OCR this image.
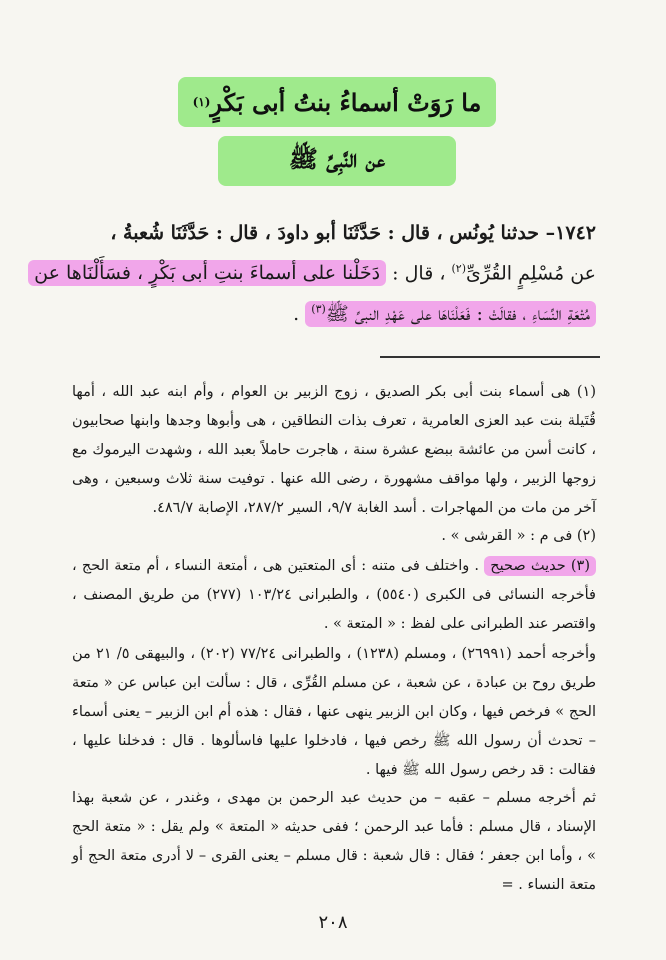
ما رَوَتْ أسماءُ بنتُ أبى بَكْرٍ
(١)
عن النَّبِىِّ ﷺ
١٧٤٢– حدثنا يُونُس ، قال : حَدَّثَنَا أبو داودَ ، قال : حَدَّثَنَا شُعبةُ ،
عن مُسْلِمٍ القُرِّىِّ$^{(٢)}$ ، قال : دَخَلْنا على أسماءَ بنتِ أبى بَكْرٍ ، فسَأَلْنَاها عن
مُتْعَةِ النِّسَاءِ ، فقالَتْ : فَعَلْنَاهَا على عَهْدِ النبىِّ ﷺ$^{(٣)}$ .
(١) هى أسماء بنت أبى بكر الصديق ، زوج الزبير بن العوام ، وأم ابنه عبد الله ، أمها قُتَيلة بنت عبد العزى العامرية ، تعرف بذات النطاقين ، هى وأبوها وجدها وابنها صحابيون ، كانت أسن من عائشة ببضع عشرة سنة ، هاجرت حاملاً بعبد الله ، وشهدت اليرموك مع زوجها الزبير ، ولها مواقف مشهورة ، رضى الله عنها . توفيت سنة ثلاث وسبعين ، وهى آخر من مات من المهاجرات . أسد الغابة ٩/٧، السير ٢٨٧/٢، الإصابة ٤٨٦/٧.
(٢) فى م : « القرشى » .
(٣) حديث صحيح . واختلف فى متنه : أى المتعتين هى ، أمتعة النساء ، أم متعة الحج ، فأخرجه النسائى فى الكبرى (٥٥٤٠) ، والطبرانى ١٠٣/٢٤ (٢٧٧) من طريق المصنف ، واقتصر عند الطبرانى على لفظ : « المتعة » .
وأخرجه أحمد (٢٦٩٩١) ، ومسلم (١٢٣٨) ، والطبرانى ٧٧/٢٤ (٢٠٢) ، والبيهقى ٥/ ٢١ من طريق روح بن عبادة ، عن شعبة ، عن مسلم القُرِّى ، قال : سألت ابن عباس عن « متعة الحج » فرخص فيها ، وكان ابن الزبير ينهى عنها ، فقال : هذه أم ابن الزبير – يعنى أسماء – تحدث أن رسول الله ﷺ رخص فيها ، فادخلوا عليها فاسألوها . قال : فدخلنا عليها ، فقالت : قد رخص رسول الله ﷺ فيها .
ثم أخرجه مسلم – عقبه – من حديث عبد الرحمن بن مهدى ، وغندر ، عن شعبة بهذا الإسناد ، قال مسلم : فأما عبد الرحمن ؛ ففى حديثه « المتعة » ولم يقل : « متعة الحج » ، وأما ابن جعفر ؛ فقال : قال شعبة : قال مسلم – يعنى القرى – لا أدرى متعة الحج أو متعة النساء . =
٢٠٨
